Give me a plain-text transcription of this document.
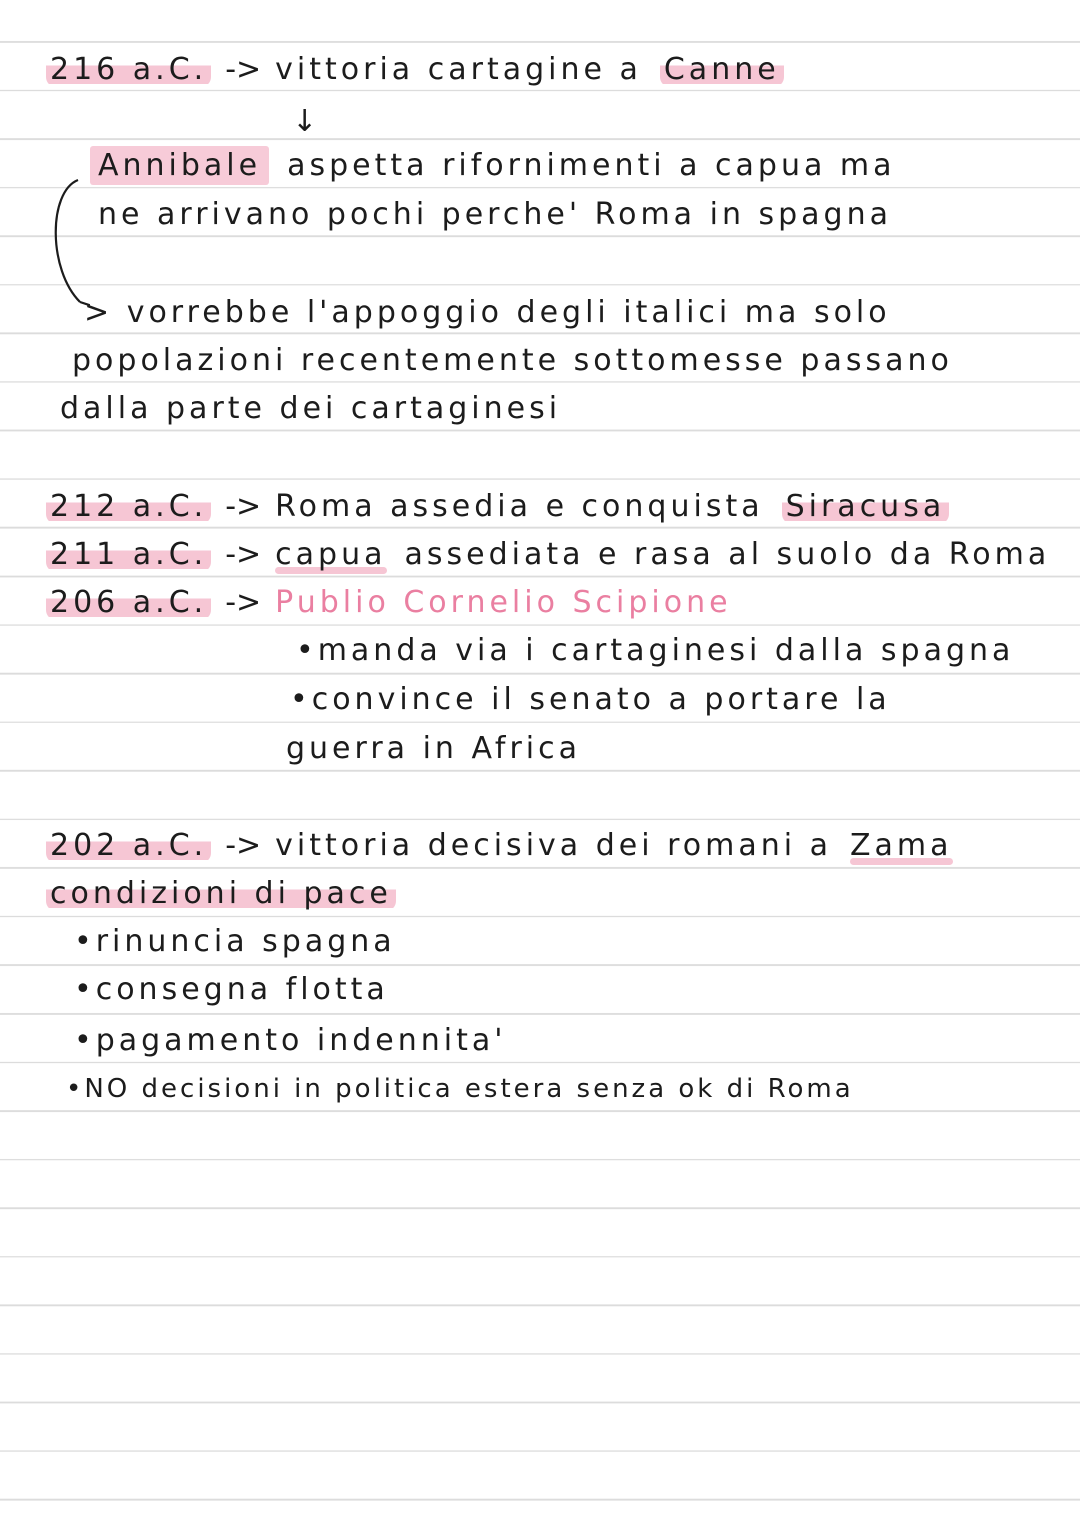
216 a.C. -> vittoria cartagine a Canne
↓
Annibale aspetta rifornimenti a capua ma
ne arrivano pochi perche' Roma in spagna
> vorrebbe l'appoggio degli italici ma solo
popolazioni recentemente sottomesse passano
dalla parte dei cartaginesi
212 a.C. -> Roma assedia e conquista Siracusa
211 a.C. -> capua assediata e rasa al suolo da Roma
206 a.C. -> Publio Cornelio Scipione
•manda via i cartaginesi dalla spagna
•convince il senato a portare la
guerra in Africa
202 a.C. -> vittoria decisiva dei romani a Zama
condizioni di pace
•rinuncia spagna
•consegna flotta
•pagamento indennita'
•NO decisioni in politica estera senza ok di Roma
